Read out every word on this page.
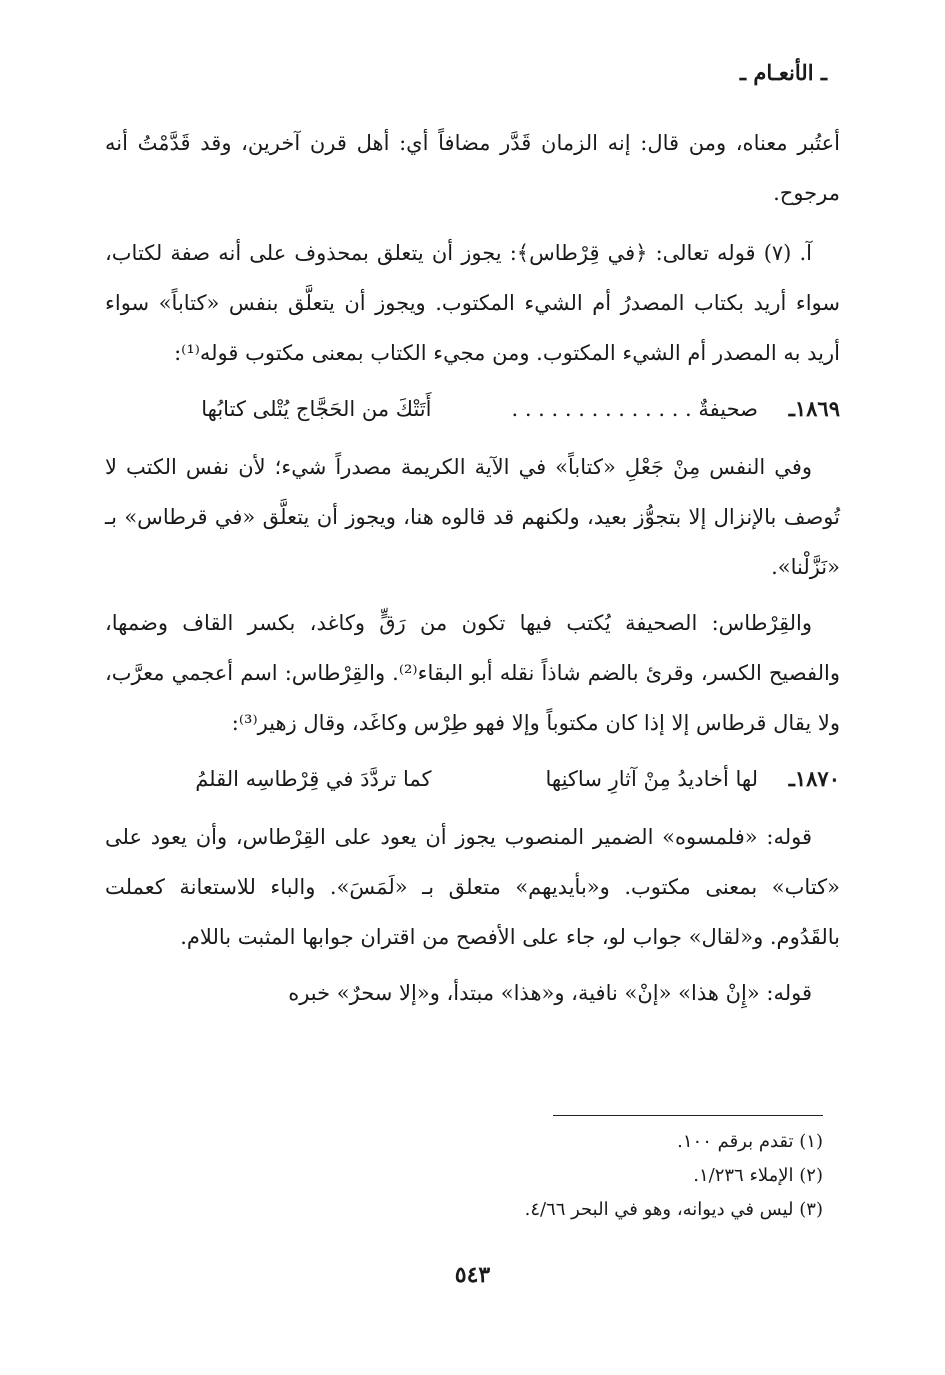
ـ الأنعـام ـ

أعتُبر معناه، ومن قال: إنه الزمان قَدَّر مضافاً أي: أهل قرن آخرين، وقد قَدَّمْتُ أنه مرجوح.

آ. (٧) قوله تعالى: ﴿في قِرْطاس﴾: يجوز أن يتعلق بمحذوف على أنه صفة لكتاب، سواء أريد بكتاب المصدرُ أم الشيء المكتوب. ويجوز أن يتعلَّق بنفس «كتاباً» سواء أريد به المصدر أم الشيء المكتوب. ومن مجيء الكتاب بمعنى مكتوب قوله⁽¹⁾:

١٨٦٩ـ
صحيفةٌ . . . . . . . . . . . . . .
أَتَتْكَ من الحَجَّاج يُتْلى كتابُها

وفي النفس مِنْ جَعْلِ «كتاباً» في الآية الكريمة مصدراً شيء؛ لأن نفس الكتب لا تُوصف بالإنزال إلا بتجوُّز بعيد، ولكنهم قد قالوه هنا، ويجوز أن يتعلَّق «في قرطاس» بـ «نَزَّلْنا».

والقِرْطاس: الصحيفة يُكتب فيها تكون من رَقٍّ وكاغد، بكسر القاف وضمها، والفصيح الكسر، وقرئ بالضم شاذاً نقله أبو البقاء⁽²⁾. والقِرْطاس: اسم أعجمي معرَّب، ولا يقال قرطاس إلا إذا كان مكتوباً وإلا فهو طِرْس وكاغَد، وقال زهير⁽³⁾:

١٨٧٠ـ
لها أخاديدُ مِنْ آثارِ ساكنِها
كما تردَّدَ في قِرْطاسِه القلمُ

قوله: «فلمسوه» الضمير المنصوب يجوز أن يعود على القِرْطاس، وأن يعود على «كتاب» بمعنى مكتوب. و«بأيديهم» متعلق بـ «لَمَسَ». والباء للاستعانة كعملت بالقَدُوم. و«لقال» جواب لو، جاء على الأفصح من اقتران جوابها المثبت باللام.

قوله: «إِنْ هذا» «إنْ» نافية، و«هذا» مبتدأ، و«إلا سحرٌ» خبره

(١) تقدم برقم ١٠٠.

(٢) الإملاء ١/٢٣٦.

(٣) ليس في ديوانه، وهو في البحر ٤/٦٦.

٥٤٣
